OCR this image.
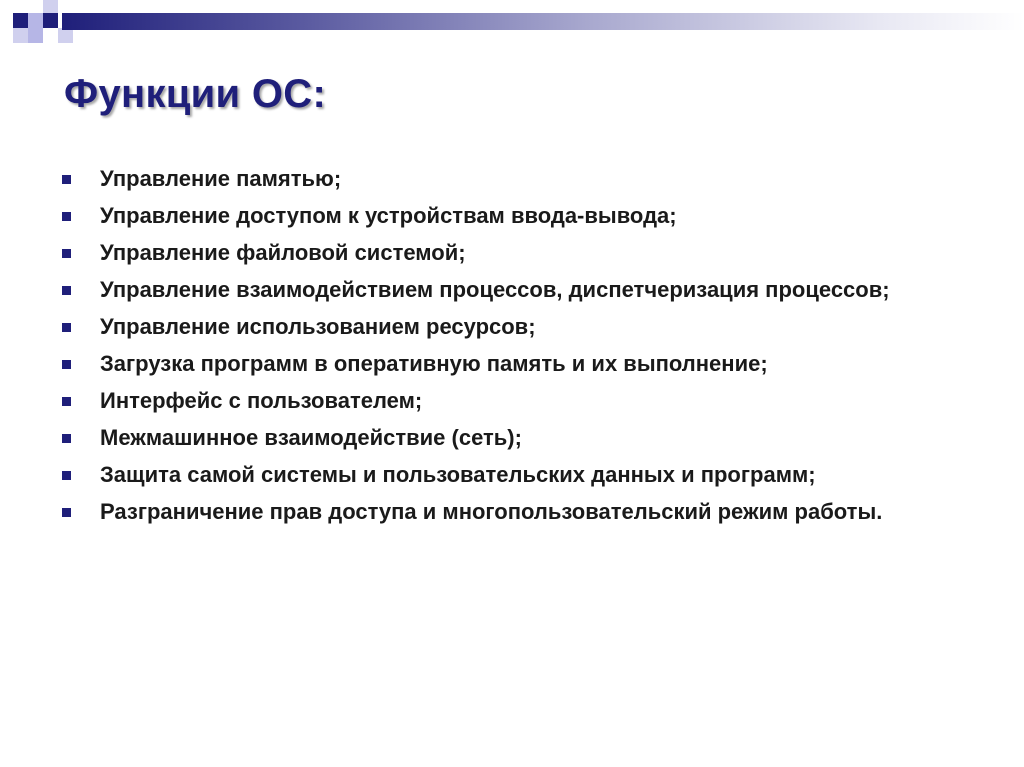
Функции ОС:
Управление памятью;
Управление доступом к устройствам ввода-вывода;
Управление файловой системой;
Управление взаимодействием процессов, диспетчеризация процессов;
Управление использованием ресурсов;
Загрузка программ в оперативную память и их выполнение;
Интерфейс с пользователем;
Межмашинное взаимодействие (сеть);
Защита самой системы и пользовательских данных и программ;
Разграничение прав доступа и многопользовательский режим работы.
